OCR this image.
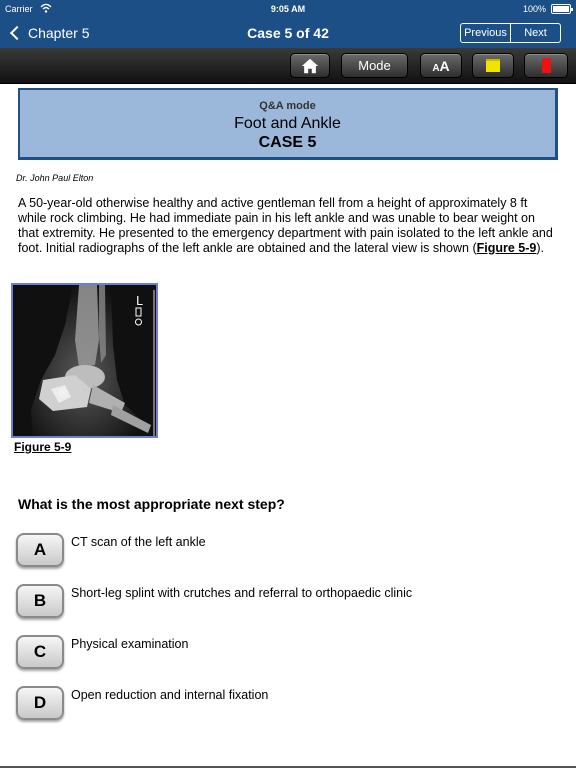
Carrier	9:05 AM	100%
Chapter 5	Case 5 of 42	Previous	Next
Mode	AA
Q&A mode
Foot and Ankle
CASE 5
Dr. John Paul Elton
A 50-year-old otherwise healthy and active gentleman fell from a height of approximately 8 ft while rock climbing. He had immediate pain in his left ankle and was unable to bear weight on that extremity. He presented to the emergency department with pain isolated to the left ankle and foot. Initial radiographs of the left ankle are obtained and the lateral view is shown (Figure 5-9).
L
Figure 5-9
What is the most appropriate next step?
A	CT scan of the left ankle
B	Short-leg splint with crutches and referral to orthopaedic clinic
C	Physical examination
D	Open reduction and internal fixation
